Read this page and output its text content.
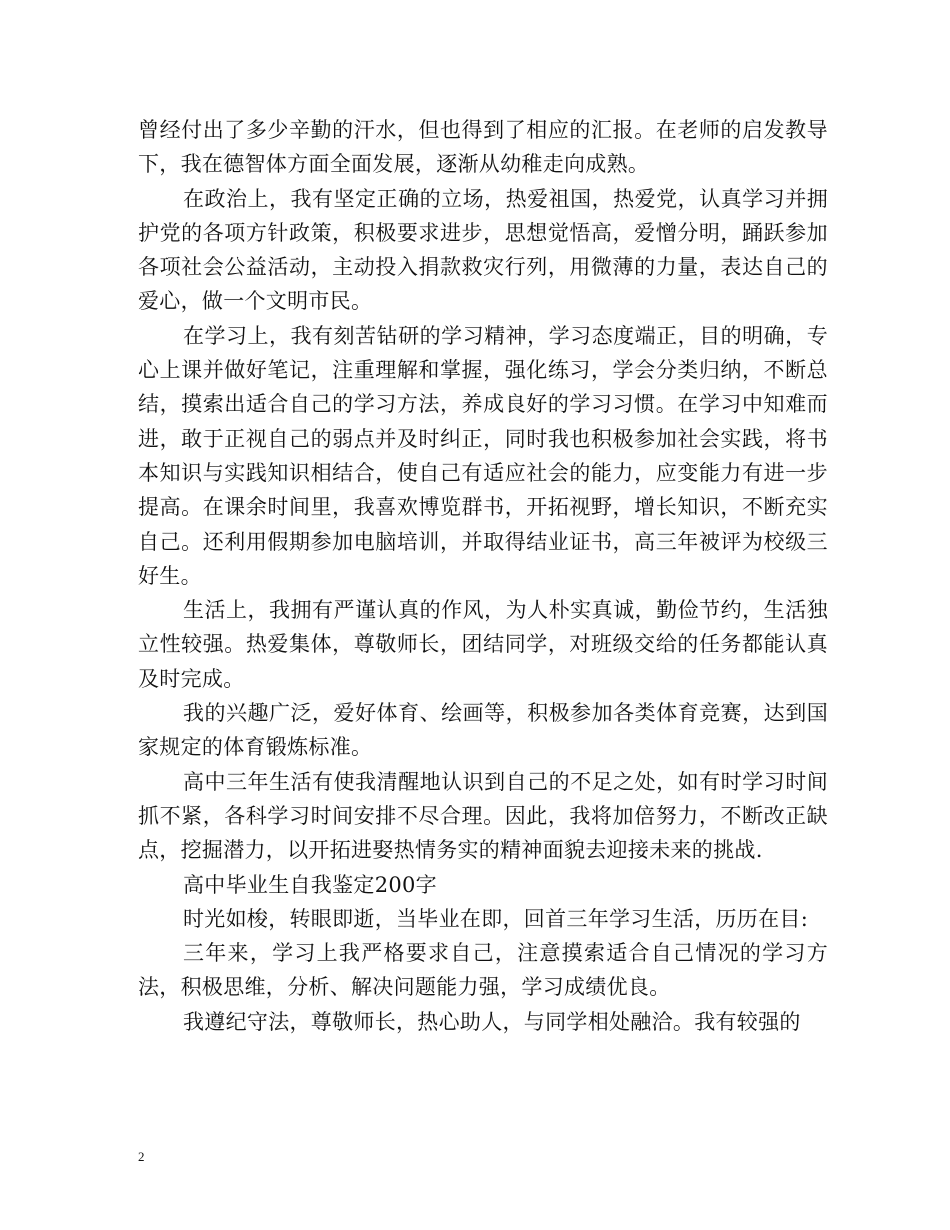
曾经付出了多少辛勤的汗水，但也得到了相应的汇报。在老师的启发教导下，我在德智体方面全面发展，逐渐从幼稚走向成熟。

在政治上，我有坚定正确的立场，热爱祖国，热爱党，认真学习并拥护党的各项方针政策，积极要求进步，思想觉悟高，爱憎分明，踊跃参加各项社会公益活动，主动投入捐款救灾行列，用微薄的力量，表达自己的爱心，做一个文明市民。

在学习上，我有刻苦钻研的学习精神，学习态度端正，目的明确，专心上课并做好笔记，注重理解和掌握，强化练习，学会分类归纳，不断总结，摸索出适合自己的学习方法，养成良好的学习习惯。在学习中知难而进，敢于正视自己的弱点并及时纠正，同时我也积极参加社会实践，将书本知识与实践知识相结合，使自己有适应社会的能力，应变能力有进一步提高。在课余时间里，我喜欢博览群书，开拓视野，增长知识，不断充实自己。还利用假期参加电脑培训，并取得结业证书，高三年被评为校级三好生。

生活上，我拥有严谨认真的作风，为人朴实真诚，勤俭节约，生活独立性较强。热爱集体，尊敬师长，团结同学，对班级交给的任务都能认真及时完成。

我的兴趣广泛，爱好体育、绘画等，积极参加各类体育竞赛，达到国家规定的体育锻炼标准。

高中三年生活有使我清醒地认识到自己的不足之处，如有时学习时间抓不紧，各科学习时间安排不尽合理。因此，我将加倍努力，不断改正缺点，挖掘潜力，以开拓进娶热情务实的精神面貌去迎接未来的挑战.

高中毕业生自我鉴定200字

时光如梭，转眼即逝，当毕业在即，回首三年学习生活，历历在目:

三年来，学习上我严格要求自己，注意摸索适合自己情况的学习方法，积极思维，分析、解决问题能力强，学习成绩优良。

我遵纪守法，尊敬师长，热心助人，与同学相处融洽。我有较强的

2
